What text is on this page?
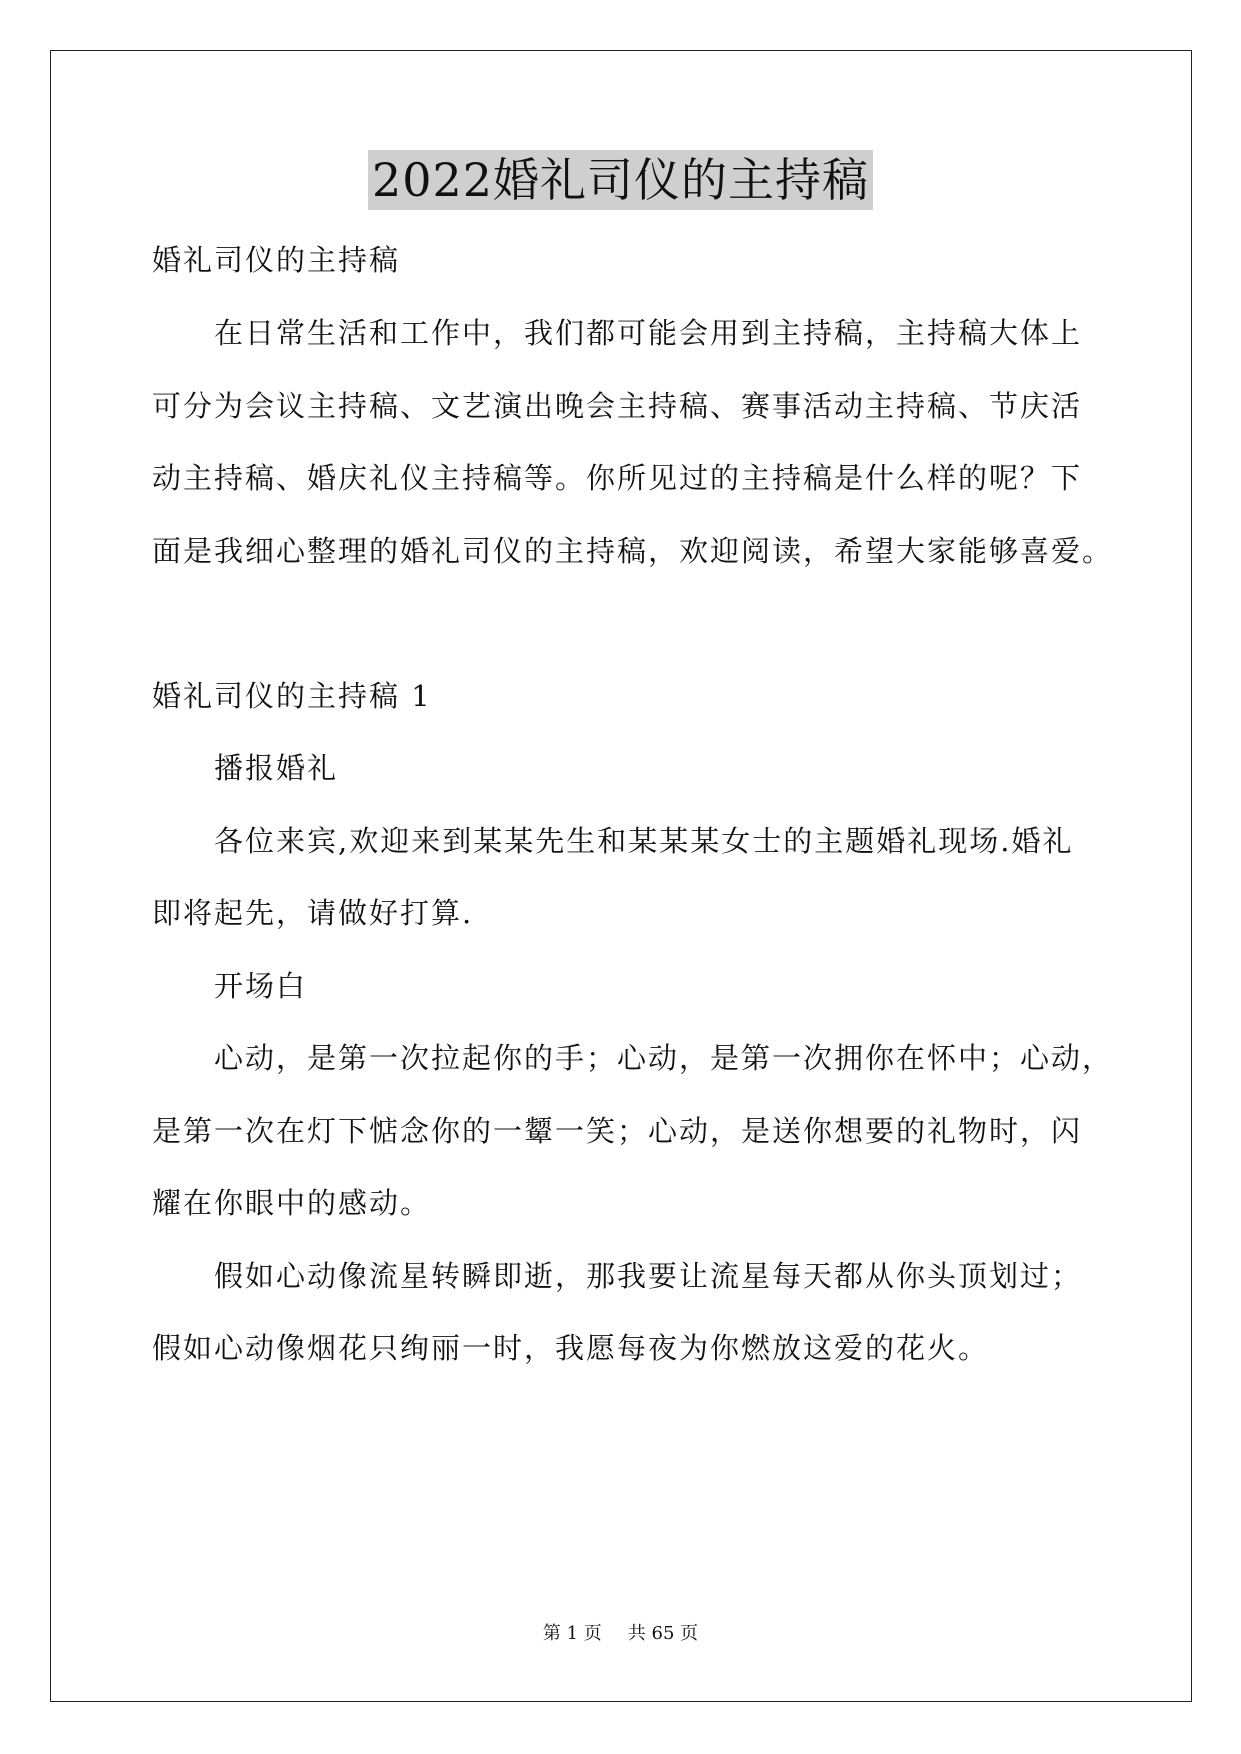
2022婚礼司仪的主持稿
婚礼司仪的主持稿
在日常生活和工作中，我们都可能会用到主持稿，主持稿大体上
可分为会议主持稿、文艺演出晚会主持稿、赛事活动主持稿、节庆活
动主持稿、婚庆礼仪主持稿等。你所见过的主持稿是什么样的呢？下
面是我细心整理的婚礼司仪的主持稿，欢迎阅读，希望大家能够喜爱。
婚礼司仪的主持稿 1
播报婚礼
各位来宾,欢迎来到某某先生和某某某女士的主题婚礼现场.婚礼
即将起先，请做好打算.
开场白
心动，是第一次拉起你的手；心动，是第一次拥你在怀中；心动，
是第一次在灯下惦念你的一颦一笑；心动，是送你想要的礼物时，闪
耀在你眼中的感动。
假如心动像流星转瞬即逝，那我要让流星每天都从你头顶划过；
假如心动像烟花只绚丽一时，我愿每夜为你燃放这爱的花火。
第 1 页 共 65 页
